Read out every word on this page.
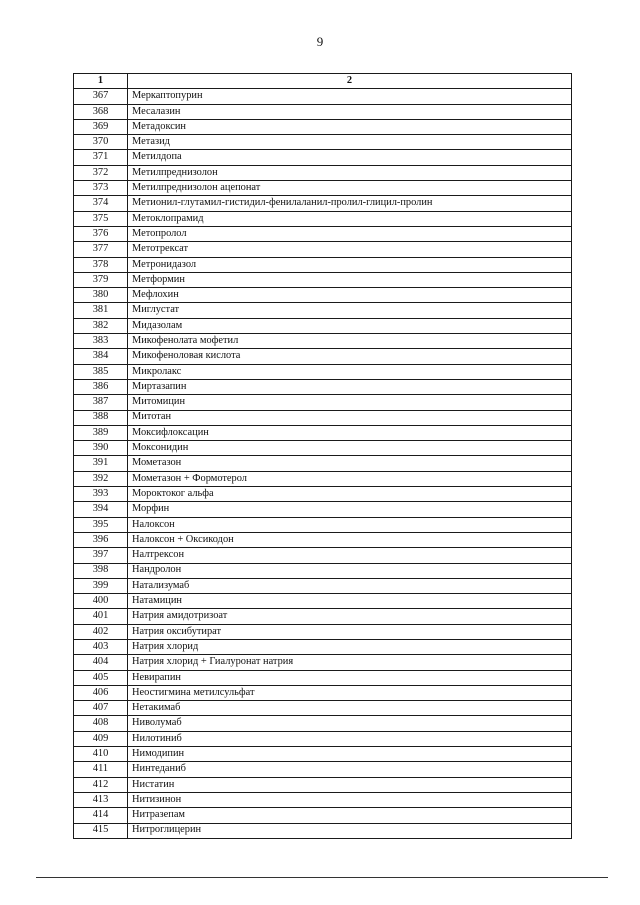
9
1	2
367	Меркаптопурин
368	Месалазин
369	Метадоксин
370	Метазид
371	Метилдопа
372	Метилпреднизолон
373	Метилпреднизолон ацепонат
374	Метионил-глутамил-гистидил-фенилаланил-пролил-глицил-пролин
375	Метоклопрамид
376	Метопролол
377	Метотрексат
378	Метронидазол
379	Метформин
380	Мефлохин
381	Миглустат
382	Мидазолам
383	Микофенолата мофетил
384	Микофеноловая кислота
385	Микролакс
386	Миртазапин
387	Митомицин
388	Митотан
389	Моксифлоксацин
390	Моксонидин
391	Мометазон
392	Мометазон + Формотерол
393	Мороктоког альфа
394	Морфин
395	Налоксон
396	Налоксон + Оксикодон
397	Налтрексон
398	Нандролон
399	Натализумаб
400	Натамицин
401	Натрия амидотризоат
402	Натрия оксибутират
403	Натрия хлорид
404	Натрия хлорид + Гиалуронат натрия
405	Невирапин
406	Неостигмина метилсульфат
407	Нетакимаб
408	Ниволумаб
409	Нилотиниб
410	Нимодипин
411	Нинтеданиб
412	Нистатин
413	Нитизинон
414	Нитразепам
415	Нитроглицерин
